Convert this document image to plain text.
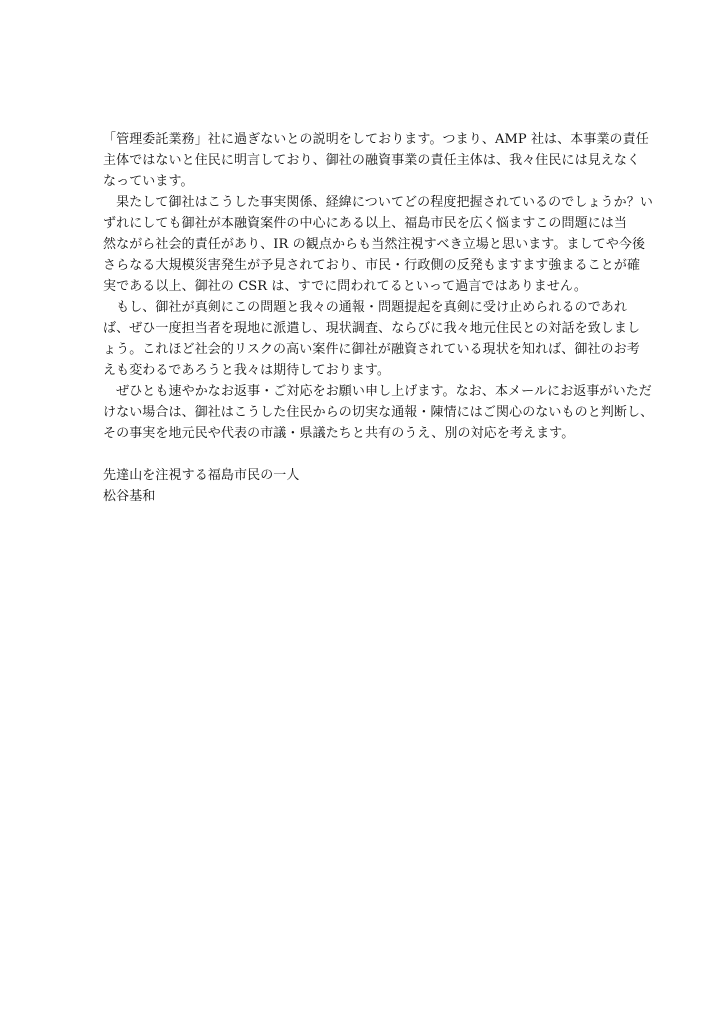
「管理委託業務」社に過ぎないとの説明をしております。つまり、AMP 社は、本事業の責任
主体ではないと住民に明言しており、御社の融資事業の責任主体は、我々住民には見えなく
なっています。
　果たして御社はこうした事実関係、経緯についてどの程度把握されているのでしょうか？い
ずれにしても御社が本融資案件の中心にある以上、福島市民を広く悩ますこの問題には当
然ながら社会的責任があり、IR の観点からも当然注視すべき立場と思います。ましてや今後
さらなる大規模災害発生が予見されており、市民・行政側の反発もますます強まることが確
実である以上、御社の CSR は、すでに問われてるといって過言ではありません。
　もし、御社が真剣にこの問題と我々の通報・問題提起を真剣に受け止められるのであれ
ば、ぜひ一度担当者を現地に派遣し、現状調査、ならびに我々地元住民との対話を致しまし
ょう。これほど社会的リスクの高い案件に御社が融資されている現状を知れば、御社のお考
えも変わるであろうと我々は期待しております。
　ぜひとも速やかなお返事・ご対応をお願い申し上げます。なお、本メールにお返事がいただ
けない場合は、御社はこうした住民からの切実な通報・陳情にはご関心のないものと判断し、
その事実を地元民や代表の市議・県議たちと共有のうえ、別の対応を考えます。
先達山を注視する福島市民の一人
松谷基和
